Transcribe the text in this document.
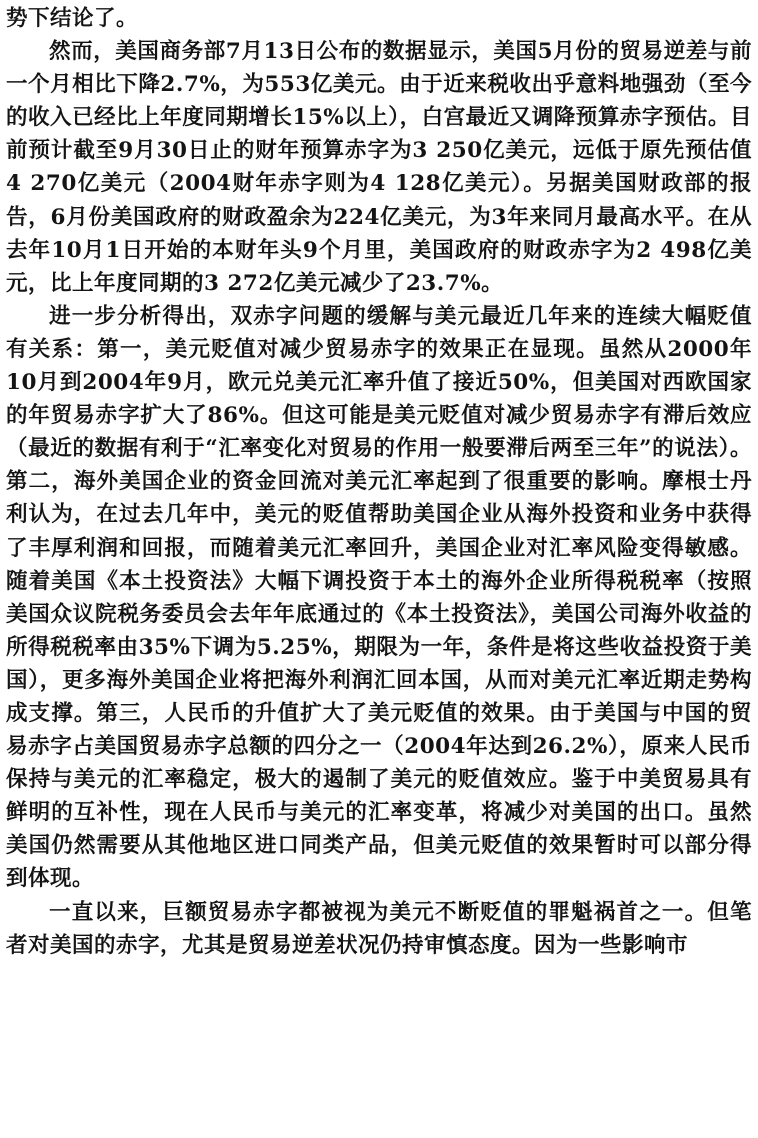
势下结论了。

然而，美国商务部7月13日公布的数据显示，美国5月份的贸易逆差与前一个月相比下降2.7%，为553亿美元。由于近来税收出乎意料地强劲（至今的收入已经比上年度同期增长15%以上），白宫最近又调降预算赤字预估。目前预计截至9月30日止的财年预算赤字为3 250亿美元，远低于原先预估值4 270亿美元（2004财年赤字则为4 128亿美元）。另据美国财政部的报告，6月份美国政府的财政盈余为224亿美元，为3年来同月最高水平。在从去年10月1日开始的本财年头9个月里，美国政府的财政赤字为2 498亿美元，比上年度同期的3 272亿美元减少了23.7%。

进一步分析得出，双赤字问题的缓解与美元最近几年来的连续大幅贬值有关系：第一，美元贬值对减少贸易赤字的效果正在显现。虽然从2000年10月到2004年9月，欧元兑美元汇率升值了接近50%，但美国对西欧国家的年贸易赤字扩大了86%。但这可能是美元贬值对减少贸易赤字有滞后效应（最近的数据有利于“汇率变化对贸易的作用一般要滞后两至三年”的说法）。第二，海外美国企业的资金回流对美元汇率起到了很重要的影响。摩根士丹利认为，在过去几年中，美元的贬值帮助美国企业从海外投资和业务中获得了丰厚利润和回报，而随着美元汇率回升，美国企业对汇率风险变得敏感。随着美国《本土投资法》大幅下调投资于本土的海外企业所得税税率（按照美国众议院税务委员会去年年底通过的《本土投资法》，美国公司海外收益的所得税税率由35%下调为5.25%，期限为一年，条件是将这些收益投资于美国），更多海外美国企业将把海外利润汇回本国，从而对美元汇率近期走势构成支撑。第三，人民币的升值扩大了美元贬值的效果。由于美国与中国的贸易赤字占美国贸易赤字总额的四分之一（2004年达到26.2%），原来人民币保持与美元的汇率稳定，极大的遏制了美元的贬值效应。鉴于中美贸易具有鲜明的互补性，现在人民币与美元的汇率变革，将减少对美国的出口。虽然美国仍然需要从其他地区进口同类产品，但美元贬值的效果暂时可以部分得到体现。

一直以来，巨额贸易赤字都被视为美元不断贬值的罪魁祸首之一。但笔者对美国的赤字，尤其是贸易逆差状况仍持审慎态度。因为一些影响市
